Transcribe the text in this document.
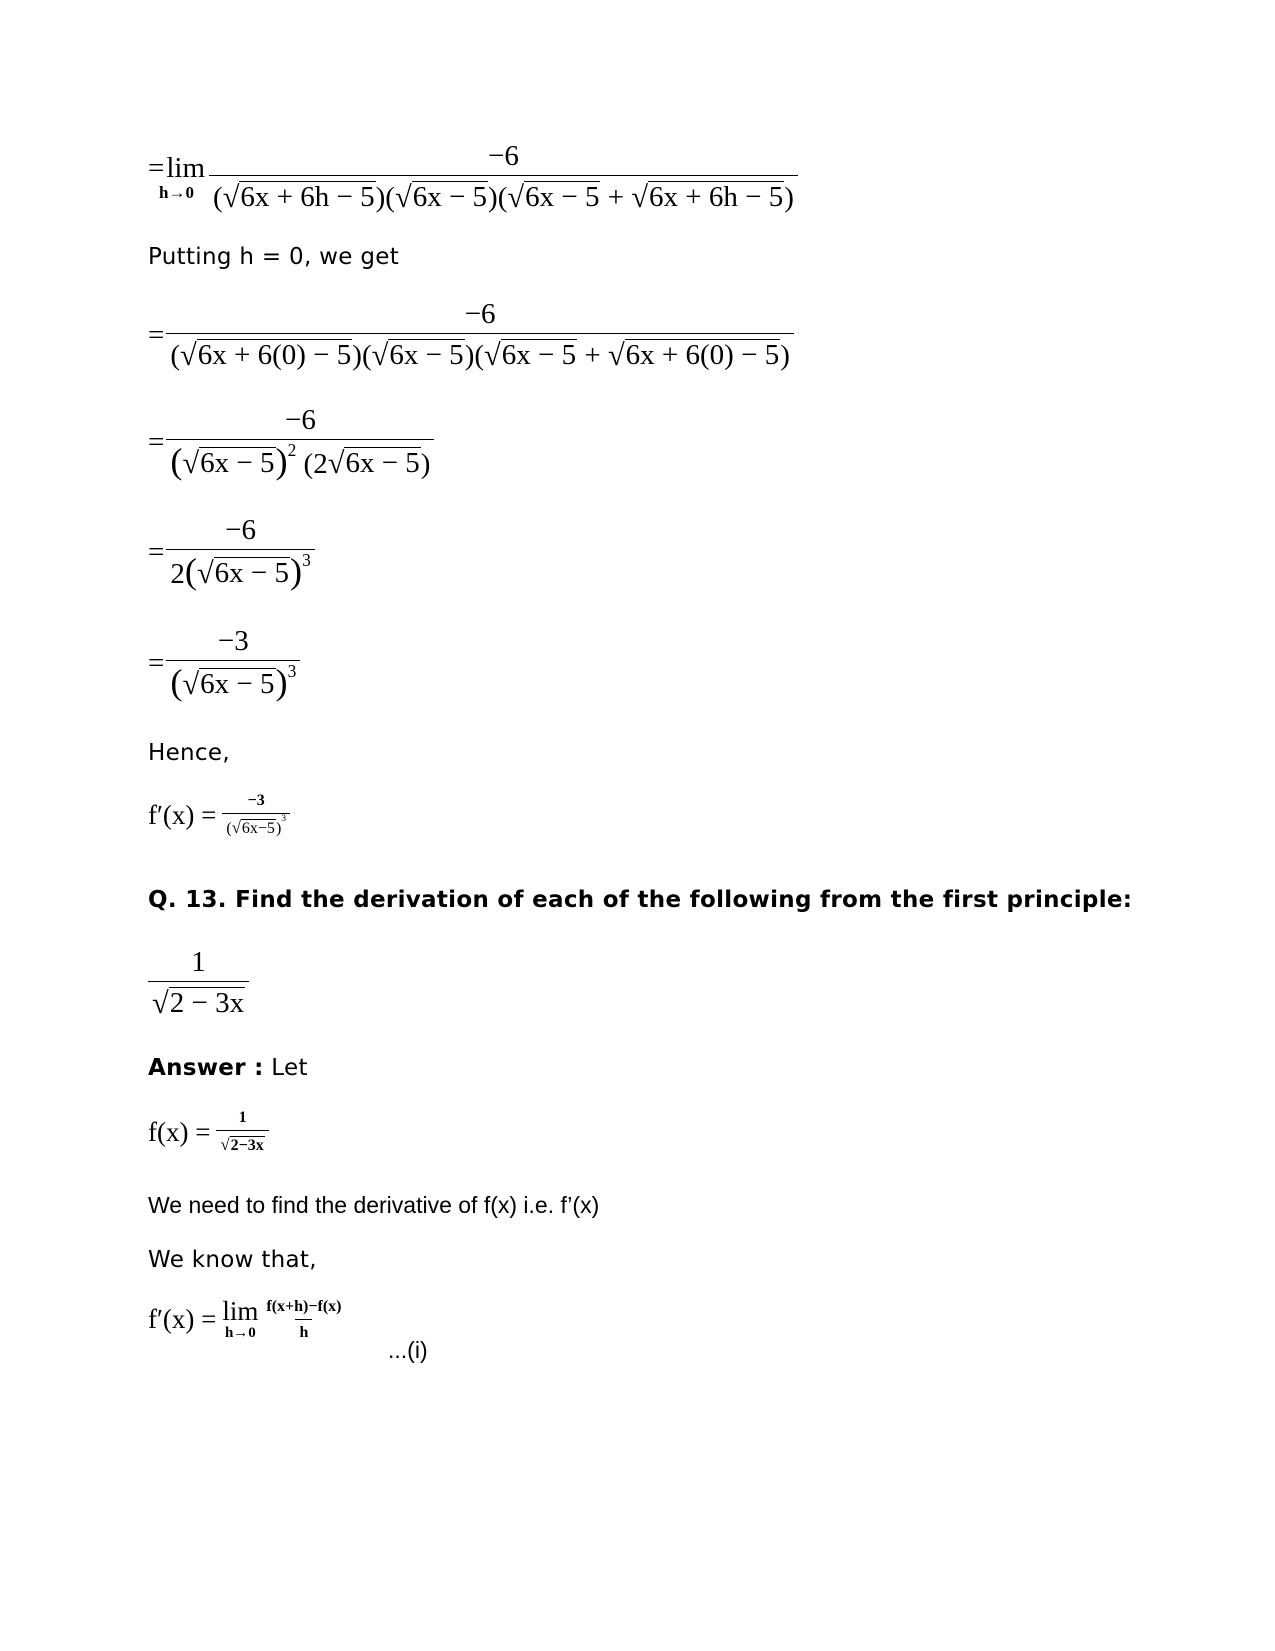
=lim
$h\to 0 \frac{-6}{( √ 6x + 6h - 5 )( √ 6x - 5 )( √ 6x - 5 + √ 6x + 6h - 5 )}$
Putting h = 0, we get
= $\frac{-6}{( √ 6x + 6(0) - 5 )( √ 6x - 5 )( √ 6x - 5 + √ 6x + 6(0) - 5 )}$
= $\frac{-6}{( √ 6x - 5 )^2 (2 √ 6x - 5 )}$
= $\frac{-6}{2( √ 6x - 5 )^3}$
= $\frac{-3}{( √ 6x - 5 )^3}$
Hence,
$f'(x) = \frac{-3}{( √ 6x-5 )^3}$
Q. 13. Find the derivation of each of the following from the first principle:
$\frac{1}{√ 2 - 3x}$
Answer : Let
$f(x) = \frac{1}{√ 2-3x}$
We need to find the derivative of f(x) i.e. f’(x)
We know that,
f′(x) = lim
$h\to 0 \frac{f(x+h)-f(x)}{h}$
...(i)
